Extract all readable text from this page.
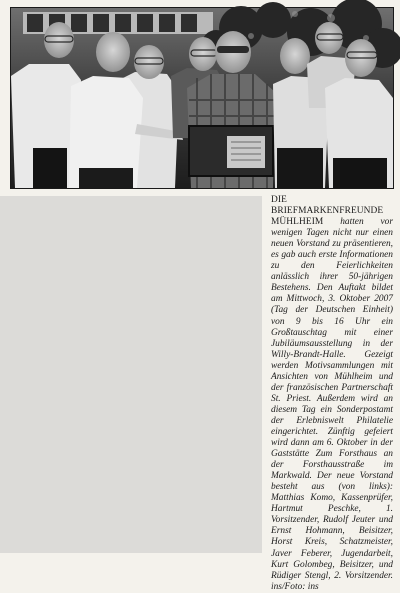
DIE BRIEFMARKENFREUNDE MÜHLHEIM hatten vor wenigen Tagen nicht nur einen neuen Vorstand zu präsentieren, es gab auch erste Informationen zu den Feierlichkeiten anlässlich ihrer 50-jährigen Bestehens. Den Auftakt bildet am Mittwoch, 3. Oktober 2007 (Tag der Deutschen Einheit) von 9 bis 16 Uhr ein Großtauschtag mit einer Jubiläumsausstellung in der Willy-Brandt-Halle. Gezeigt werden Motivsammlungen mit Ansichten von Mühlheim und der französischen Partnerschaft St. Priest. Außerdem wird an diesem Tag ein Sonderpostamt der Erlebniswelt Philatelie eingerichtet. Zünftig gefeiert wird dann am 6. Oktober in der Gaststätte Zum Forsthaus an der Forsthausstraße im Markwald. Der neue Vorstand besteht aus (von links): Matthias Komo, Kassenprüfer, Hartmut Peschke, 1. Vorsitzender, Rudolf Jeuter und Ernst Hohmann, Beisitzer, Horst Kreis, Schatzmeister, Javer Feberer, Jugendarbeit, Kurt Golombeg, Beisitzer, und Rüdiger Stengl, 2. Vorsitzender. ins/Foto: ins
